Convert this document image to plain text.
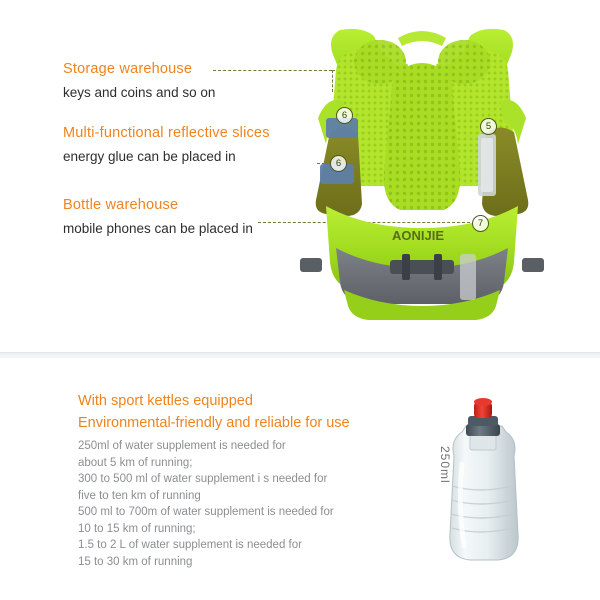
Storage warehouse
keys and coins and so on
Multi-functional reflective slices
energy glue can be placed in
Bottle warehouse
mobile phones can be placed in	AONIJIE
5
6
6
7
With sport kettles equipped
Environmental-friendly and reliable for use
250ml of water supplement is needed for
about 5 km of running;
300 to 500 ml of water supplement i s needed for
five to ten km of running
500 ml to 700m of water supplement is needed for
10 to 15 km of running;
1.5 to 2 L of water supplement is needed for
15 to 30 km of running
250ml
